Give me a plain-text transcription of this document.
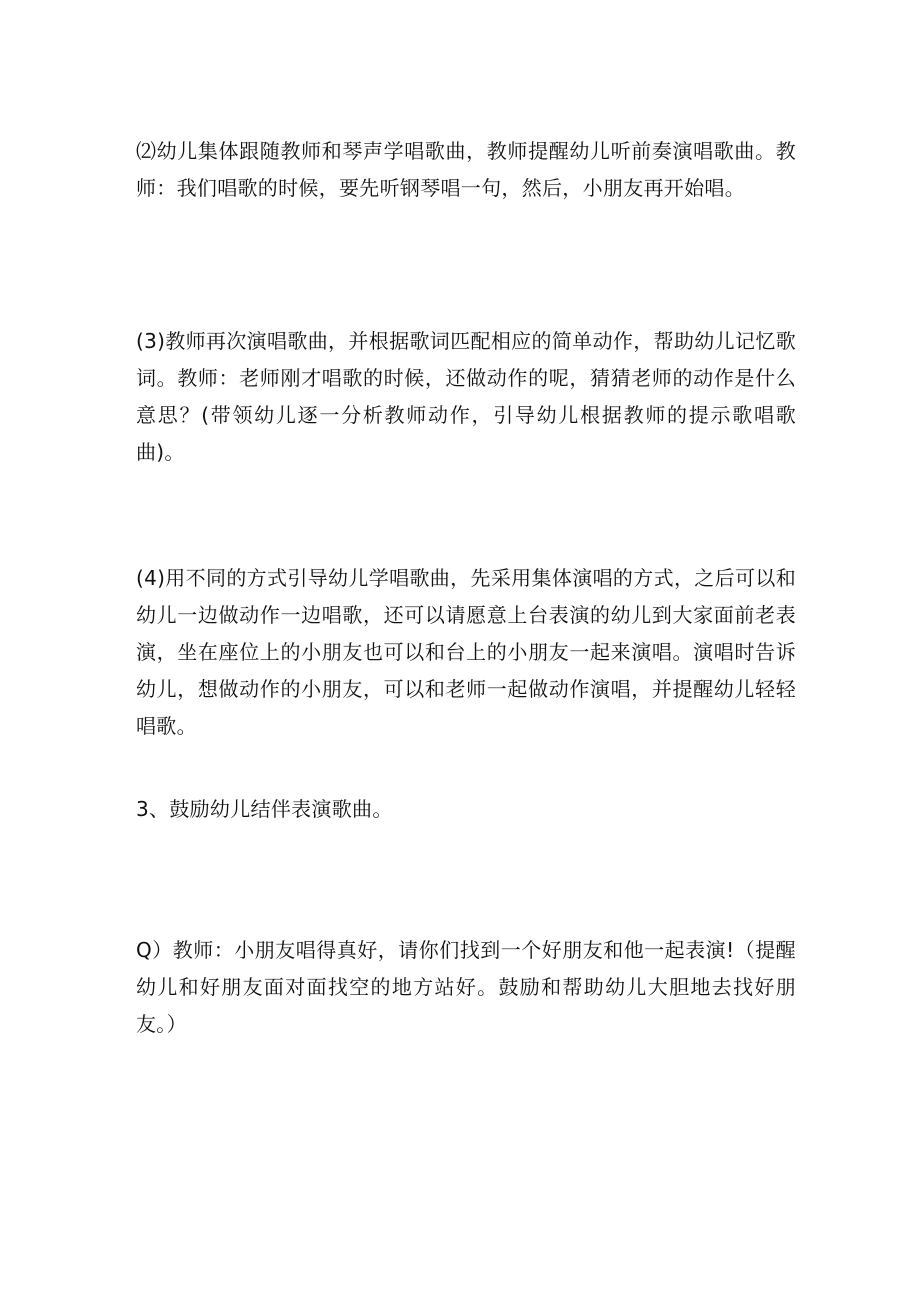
⑵幼儿集体跟随教师和琴声学唱歌曲，教师提醒幼儿听前奏演唱歌曲。教师：我们唱歌的时候，要先听钢琴唱一句，然后，小朋友再开始唱。

(3)教师再次演唱歌曲，并根据歌词匹配相应的简单动作，帮助幼儿记忆歌词。教师：老师刚才唱歌的时候，还做动作的呢，猜猜老师的动作是什么意思？(带领幼儿逐一分析教师动作，引导幼儿根据教师的提示歌唱歌曲)。

(4)用不同的方式引导幼儿学唱歌曲，先采用集体演唱的方式，之后可以和幼儿一边做动作一边唱歌，还可以请愿意上台表演的幼儿到大家面前老表演，坐在座位上的小朋友也可以和台上的小朋友一起来演唱。演唱时告诉幼儿，想做动作的小朋友，可以和老师一起做动作演唱，并提醒幼儿轻轻唱歌。

3、鼓励幼儿结伴表演歌曲。

Q）教师：小朋友唱得真好，请你们找到一个好朋友和他一起表演!（提醒幼儿和好朋友面对面找空的地方站好。鼓励和帮助幼儿大胆地去找好朋友。）
